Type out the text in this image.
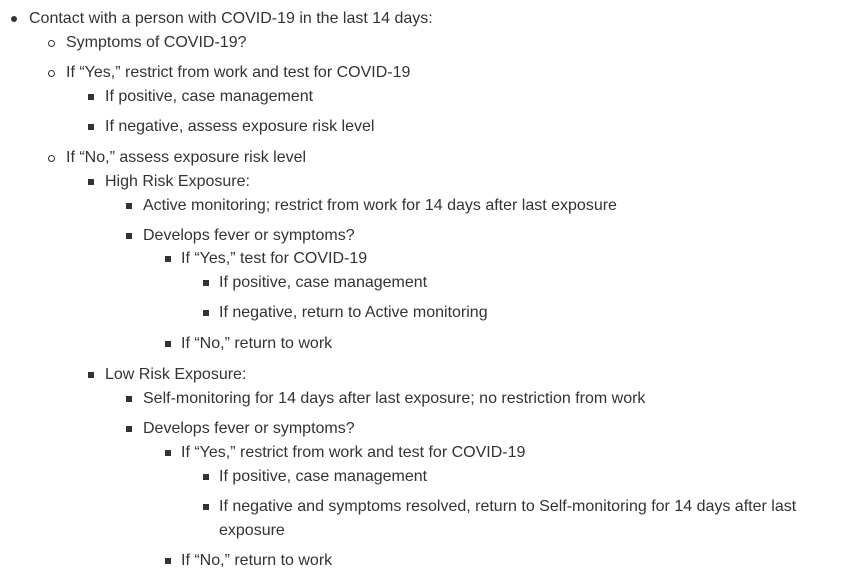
Contact with a person with COVID-19 in the last 14 days:
Symptoms of COVID-19?
If “Yes,” restrict from work and test for COVID-19
If positive, case management
If negative, assess exposure risk level
If “No,” assess exposure risk level
High Risk Exposure:
Active monitoring; restrict from work for 14 days after last exposure
Develops fever or symptoms?
If “Yes,” test for COVID-19
If positive, case management
If negative, return to Active monitoring
If “No,” return to work
Low Risk Exposure:
Self-monitoring for 14 days after last exposure; no restriction from work
Develops fever or symptoms?
If “Yes,” restrict from work and test for COVID-19
If positive, case management
If negative and symptoms resolved, return to Self-monitoring for 14 days after last exposure
If “No,” return to work
